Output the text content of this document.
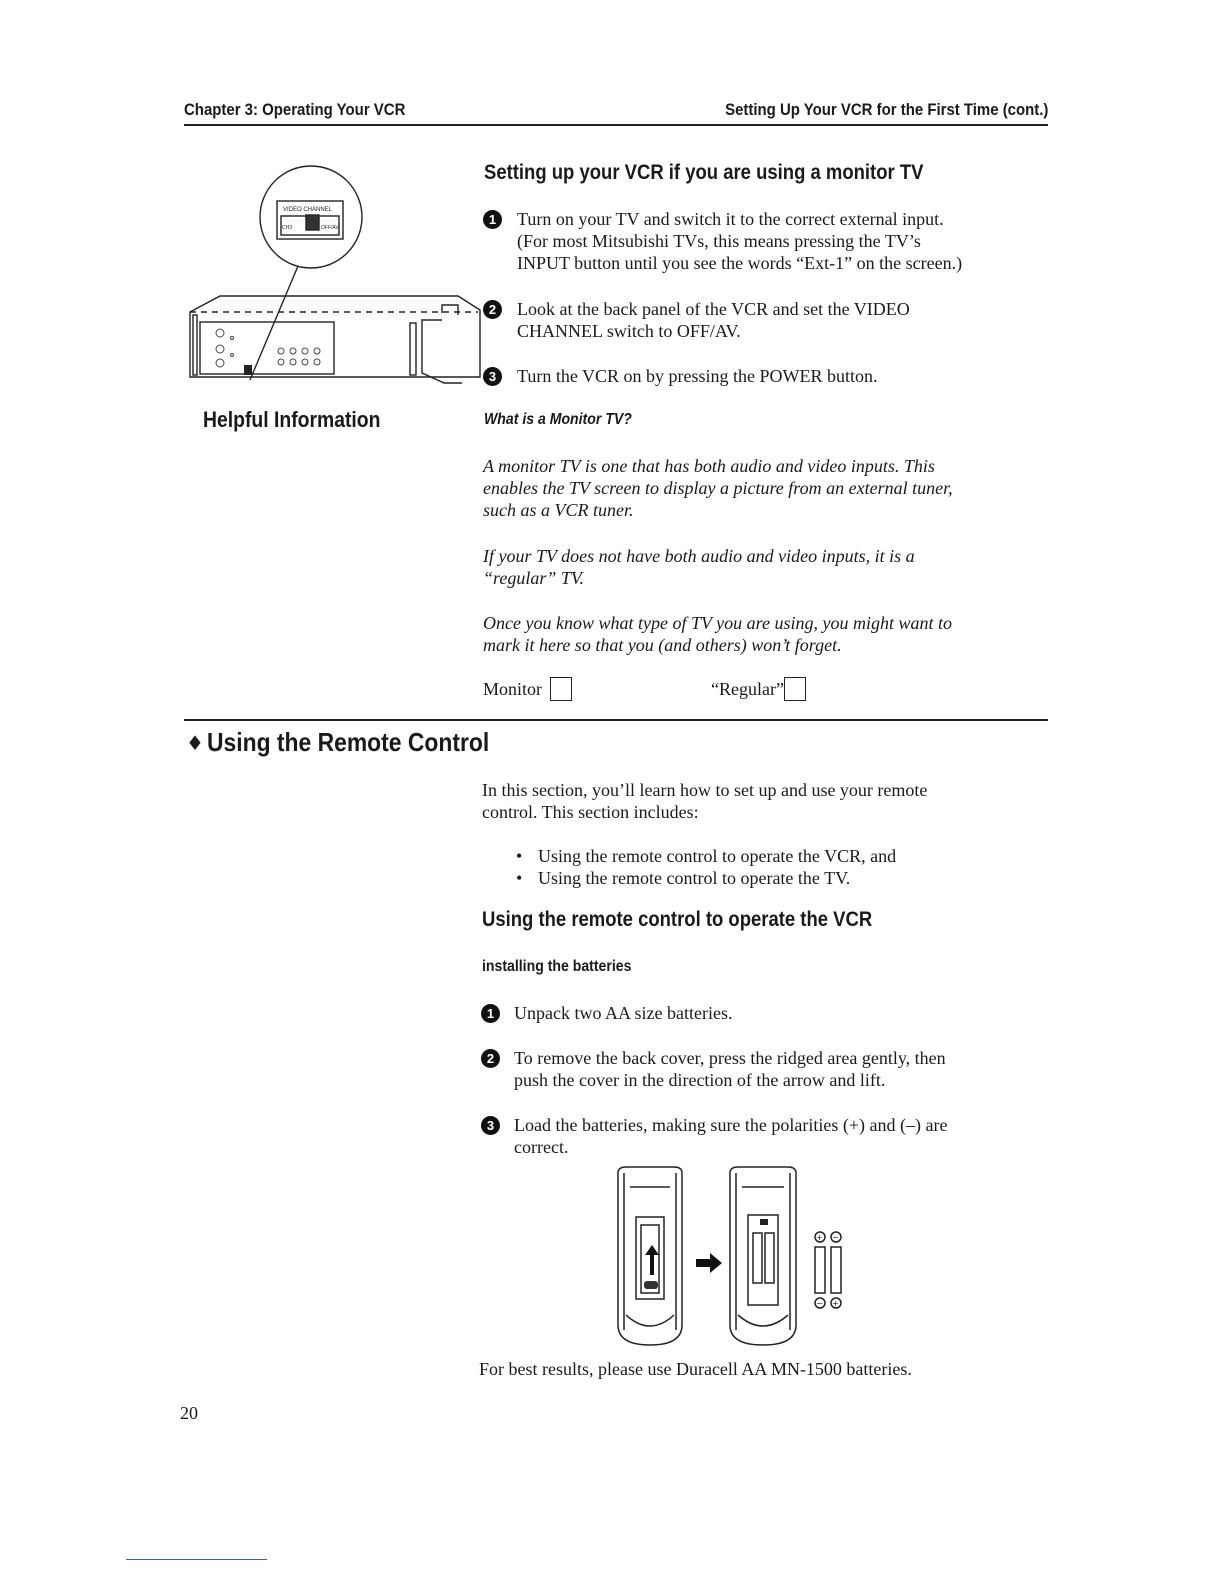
Chapter 3: Operating Your VCR	Setting Up Your VCR for the First Time (cont.)
VIDEO CHANNEL
CH3	OFF/AV
Setting up your VCR if you are using a monitor TV
1	Turn on your TV and switch it to the correct external input.
(For most Mitsubishi TVs, this means pressing the TV’s
INPUT button until you see the words “Ext-1” on the screen.)
2	Look at the back panel of the VCR and set the VIDEO
CHANNEL switch to OFF/AV.
3	Turn the VCR on by pressing the POWER button.
Helpful Information	What is a Monitor TV?
A monitor TV is one that has both audio and video inputs. This
enables the TV screen to display a picture from an external tuner,
such as a VCR tuner.
If your TV does not have both audio and video inputs, it is a
“regular” TV.
Once you know what type of TV you are using, you might want to
mark it here so that you (and others) won’t forget.
Monitor	“Regular”
♦ Using the Remote Control
In this section, you’ll learn how to set up and use your remote
control. This section includes:
• Using the remote control to operate the VCR, and
• Using the remote control to operate the TV.
Using the remote control to operate the VCR
installing the batteries
1	Unpack two AA size batteries.
2	To remove the back cover, press the ridged area gently, then
push the cover in the direction of the arrow and lift.
3	Load the batteries, making sure the polarities (+) and (–) are
correct.
+ −
− +
For best results, please use Duracell AA MN-1500 batteries.
20
